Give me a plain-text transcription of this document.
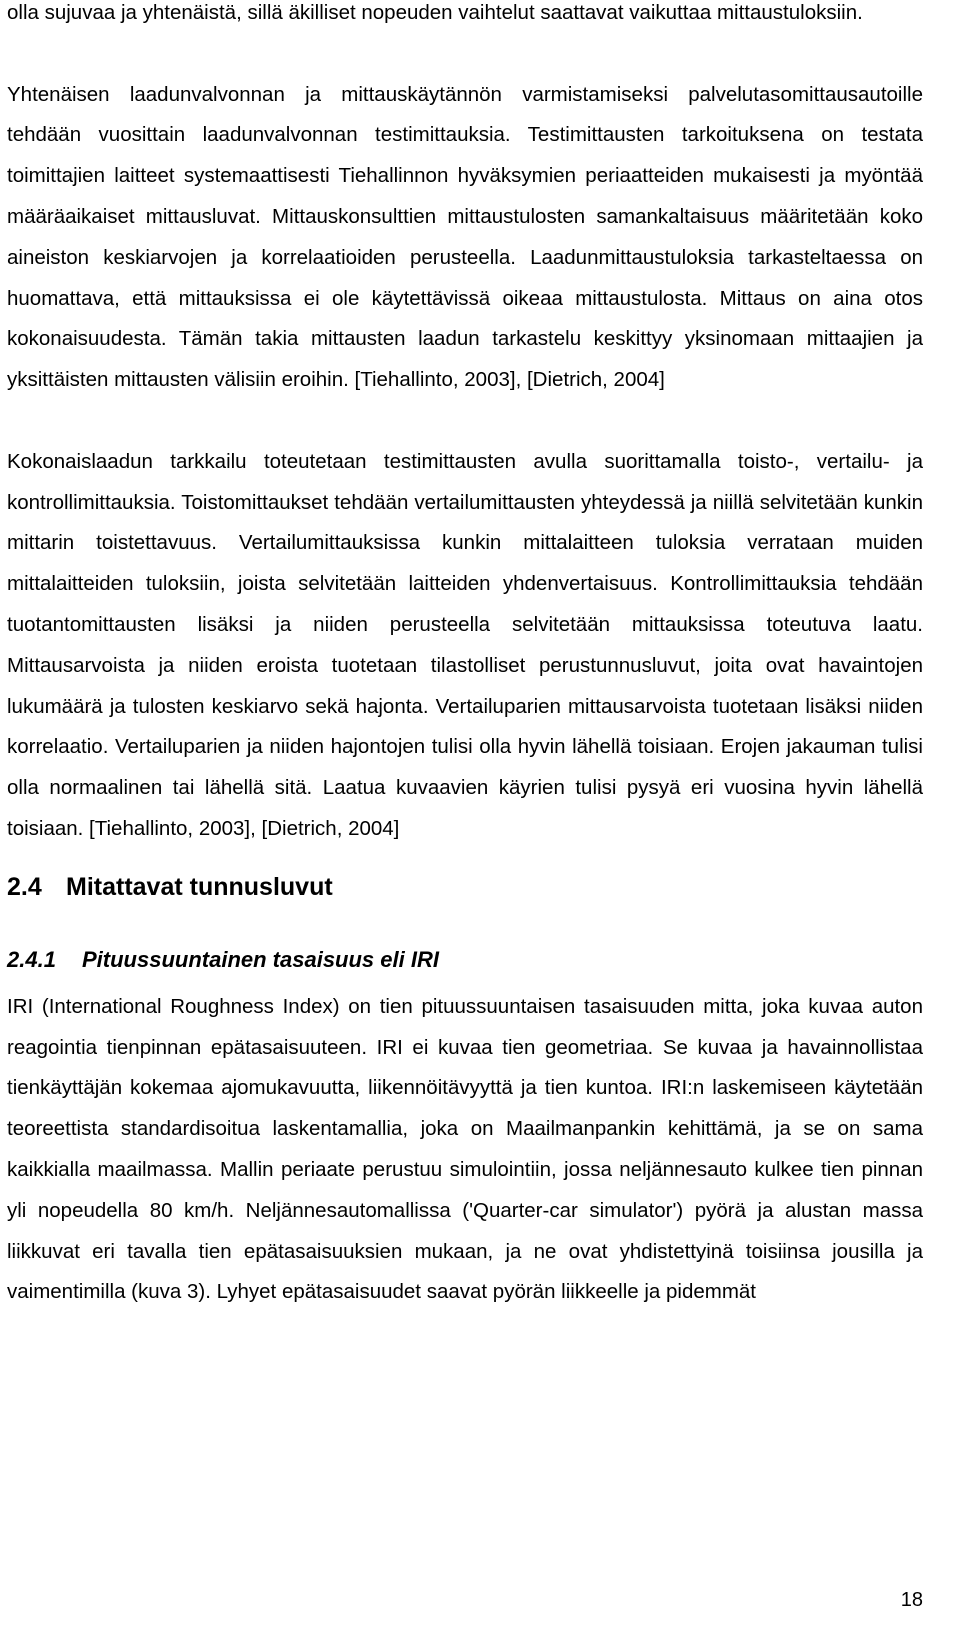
olla sujuvaa ja yhtenäistä, sillä äkilliset nopeuden vaihtelut saattavat vaikuttaa mittaustuloksiin.

Yhtenäisen laadunvalvonnan ja mittauskäytännön varmistamiseksi palvelutasomittausautoille tehdään vuosittain laadunvalvonnan testimittauksia. Testimittausten tarkoituksena on testata toimittajien laitteet systemaattisesti Tiehallinnon hyväksymien periaatteiden mukaisesti ja myöntää määräaikaiset mittausluvat. Mittauskonsulttien mittaustulosten samankaltaisuus määritetään koko aineiston keskiarvojen ja korrelaatioiden perusteella. Laadunmittaustuloksia tarkasteltaessa on huomattava, että mittauksissa ei ole käytettävissä oikeaa mittaustulosta. Mittaus on aina otos kokonaisuudesta. Tämän takia mittausten laadun tarkastelu keskittyy yksinomaan mittaajien ja yksittäisten mittausten välisiin eroihin. [Tiehallinto, 2003], [Dietrich, 2004]

Kokonaislaadun tarkkailu toteutetaan testimittausten avulla suorittamalla toisto-, vertailu- ja kontrollimittauksia. Toistomittaukset tehdään vertailumittausten yhteydessä ja niillä selvitetään kunkin mittarin toistettavuus. Vertailumittauksissa kunkin mittalaitteen tuloksia verrataan muiden mittalaitteiden tuloksiin, joista selvitetään laitteiden yhdenvertaisuus. Kontrollimittauksia tehdään tuotantomittausten lisäksi ja niiden perusteella selvitetään mittauksissa toteutuva laatu. Mittausarvoista ja niiden eroista tuotetaan tilastolliset perustunnusluvut, joita ovat havaintojen lukumäärä ja tulosten keskiarvo sekä hajonta. Vertailuparien mittausarvoista tuotetaan lisäksi niiden korrelaatio. Vertailuparien ja niiden hajontojen tulisi olla hyvin lähellä toisiaan. Erojen jakauman tulisi olla normaalinen tai lähellä sitä. Laatua kuvaavien käyrien tulisi pysyä eri vuosina hyvin lähellä toisiaan. [Tiehallinto, 2003], [Dietrich, 2004]

2.4 Mitattavat tunnusluvut
2.4.1 Pituussuuntainen tasaisuus eli IRI

IRI (International Roughness Index) on tien pituussuuntaisen tasaisuuden mitta, joka kuvaa auton reagointia tienpinnan epätasaisuuteen. IRI ei kuvaa tien geometriaa. Se kuvaa ja havainnollistaa tienkäyttäjän kokemaa ajomukavuutta, liikennöitävyyttä ja tien kuntoa. IRI:n laskemiseen käytetään teoreettista standardisoitua laskentamallia, joka on Maailmanpankin kehittämä, ja se on sama kaikkialla maailmassa. Mallin periaate perustuu simulointiin, jossa neljännesauto kulkee tien pinnan yli nopeudella 80 km/h. Neljännesautomallissa ('Quarter-car simulator') pyörä ja alustan massa liikkuvat eri tavalla tien epätasaisuuksien mukaan, ja ne ovat yhdistettyinä toisiinsa jousilla ja vaimentimilla (kuva 3). Lyhyet epätasaisuudet saavat pyörän liikkeelle ja pidemmät

18
